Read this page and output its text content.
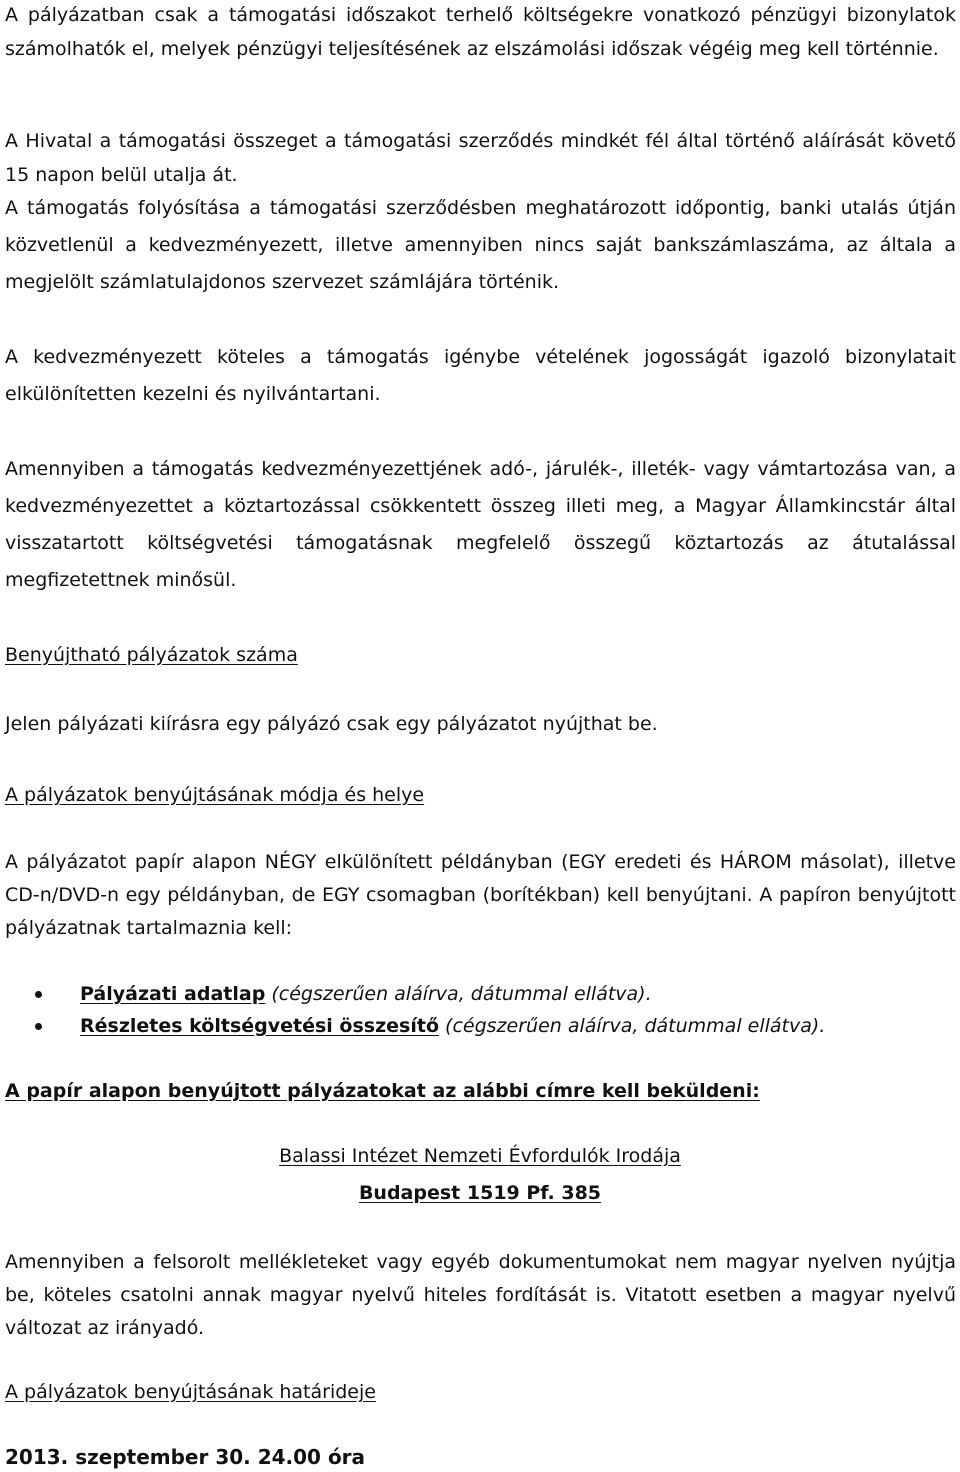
A pályázatban csak a támogatási időszakot terhelő költségekre vonatkozó pénzügyi bizonylatok számolhatók el, melyek pénzügyi teljesítésének az elszámolási időszak végéig meg kell történnie.

A Hivatal a támogatási összeget a támogatási szerződés mindkét fél által történő aláírását követő 15 napon belül utalja át.

A támogatás folyósítása a támogatási szerződésben meghatározott időpontig, banki utalás útján közvetlenül a kedvezményezett, illetve amennyiben nincs saját bankszámlaszáma, az általa a megjelölt számlatulajdonos szervezet számlájára történik.

A kedvezményezett köteles a támogatás igénybe vételének jogosságát igazoló bizonylatait elkülönítetten kezelni és nyilvántartani.

Amennyiben a támogatás kedvezményezettjének adó-, járulék-, illeték- vagy vámtartozása van, a kedvezményezettet a köztartozással csökkentett összeg illeti meg, a Magyar Államkincstár által visszatartott költségvetési támogatásnak megfelelő összegű köztartozás az átutalással megfizetettnek minősül.

Benyújtható pályázatok száma

Jelen pályázati kiírásra egy pályázó csak egy pályázatot nyújthat be.

A pályázatok benyújtásának módja és helye

A pályázatot papír alapon NÉGY elkülönített példányban (EGY eredeti és HÁROM másolat), illetve CD-n/DVD-n egy példányban, de EGY csomagban (borítékban) kell benyújtani. A papíron benyújtott pályázatnak tartalmaznia kell:

Pályázati adatlap (cégszerűen aláírva, dátummal ellátva).
Részletes költségvetési összesítő (cégszerűen aláírva, dátummal ellátva).
A papír alapon benyújtott pályázatokat az alábbi címre kell beküldeni:

Balassi Intézet Nemzeti Évfordulók Irodája

Budapest 1519 Pf. 385

Amennyiben a felsorolt mellékleteket vagy egyéb dokumentumokat nem magyar nyelven nyújtja be, köteles csatolni annak magyar nyelvű hiteles fordítását is. Vitatott esetben a magyar nyelvű változat az irányadó.

A pályázatok benyújtásának határideje

2013. szeptember 30. 24.00 óra
